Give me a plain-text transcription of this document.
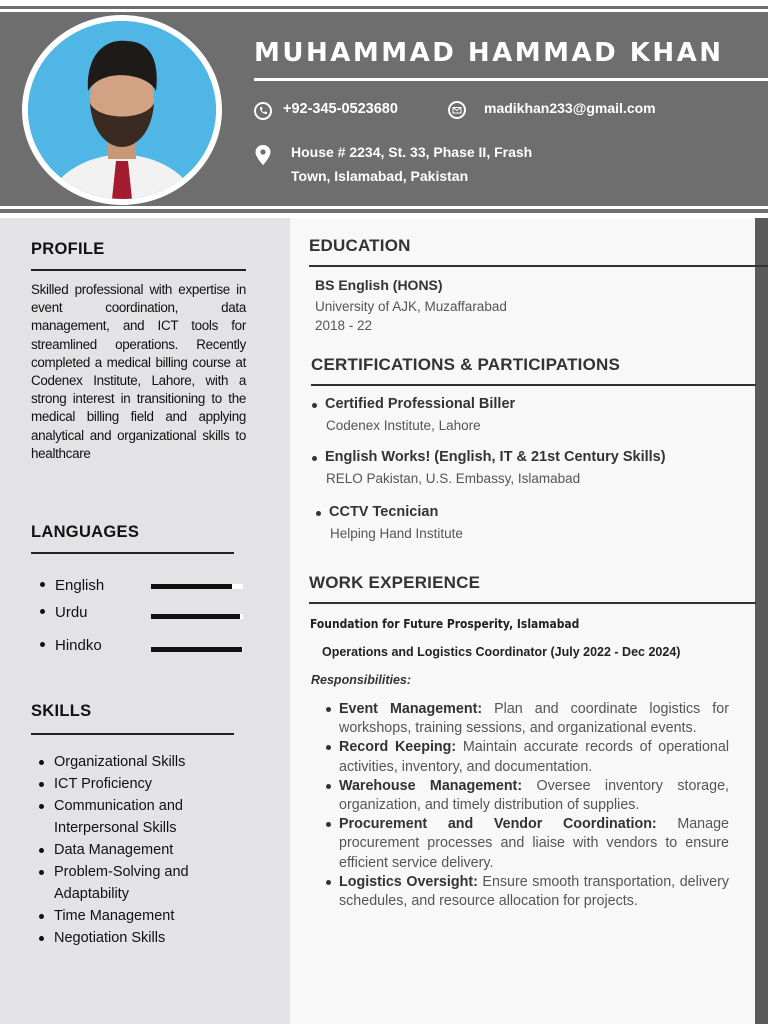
MUHAMMAD HAMMAD KHAN
+92-345-0523680	madikhan233@gmail.com
House # 2234, St. 33, Phase II, Frash
Town, Islamabad, Pakistan
PROFILE
Skilled professional with expertise in event coordination, data management, and ICT tools for streamlined operations. Recently completed a medical billing course at Codenex Institute, Lahore, with a strong interest in transitioning to the medical billing field and applying analytical and organizational skills to healthcare
LANGUAGES
English
Urdu
Hindko
SKILLS
Organizational Skills
ICT Proficiency
Communication and Interpersonal Skills
Data Management
Problem-Solving and Adaptability
Time Management
Negotiation Skills
EDUCATION
BS English (HONS)
University of AJK, Muzaffarabad
2018 - 22
CERTIFICATIONS & PARTICIPATIONS
Certified Professional Biller
Codenex Institute, Lahore
English Works! (English, IT & 21st Century Skills)
RELO Pakistan, U.S. Embassy, Islamabad
CCTV Tecnician
Helping Hand Institute
WORK EXPERIENCE
Foundation for Future Prosperity, Islamabad
Operations and Logistics Coordinator (July 2022 - Dec 2024)
Responsibilities:
Event Management: Plan and coordinate logistics for workshops, training sessions, and organizational events.
Record Keeping: Maintain accurate records of operational activities, inventory, and documentation.
Warehouse Management: Oversee inventory storage, organization, and timely distribution of supplies.
Procurement and Vendor Coordination: Manage procurement processes and liaise with vendors to ensure efficient service delivery.
Logistics Oversight: Ensure smooth transportation, delivery schedules, and resource allocation for projects.
